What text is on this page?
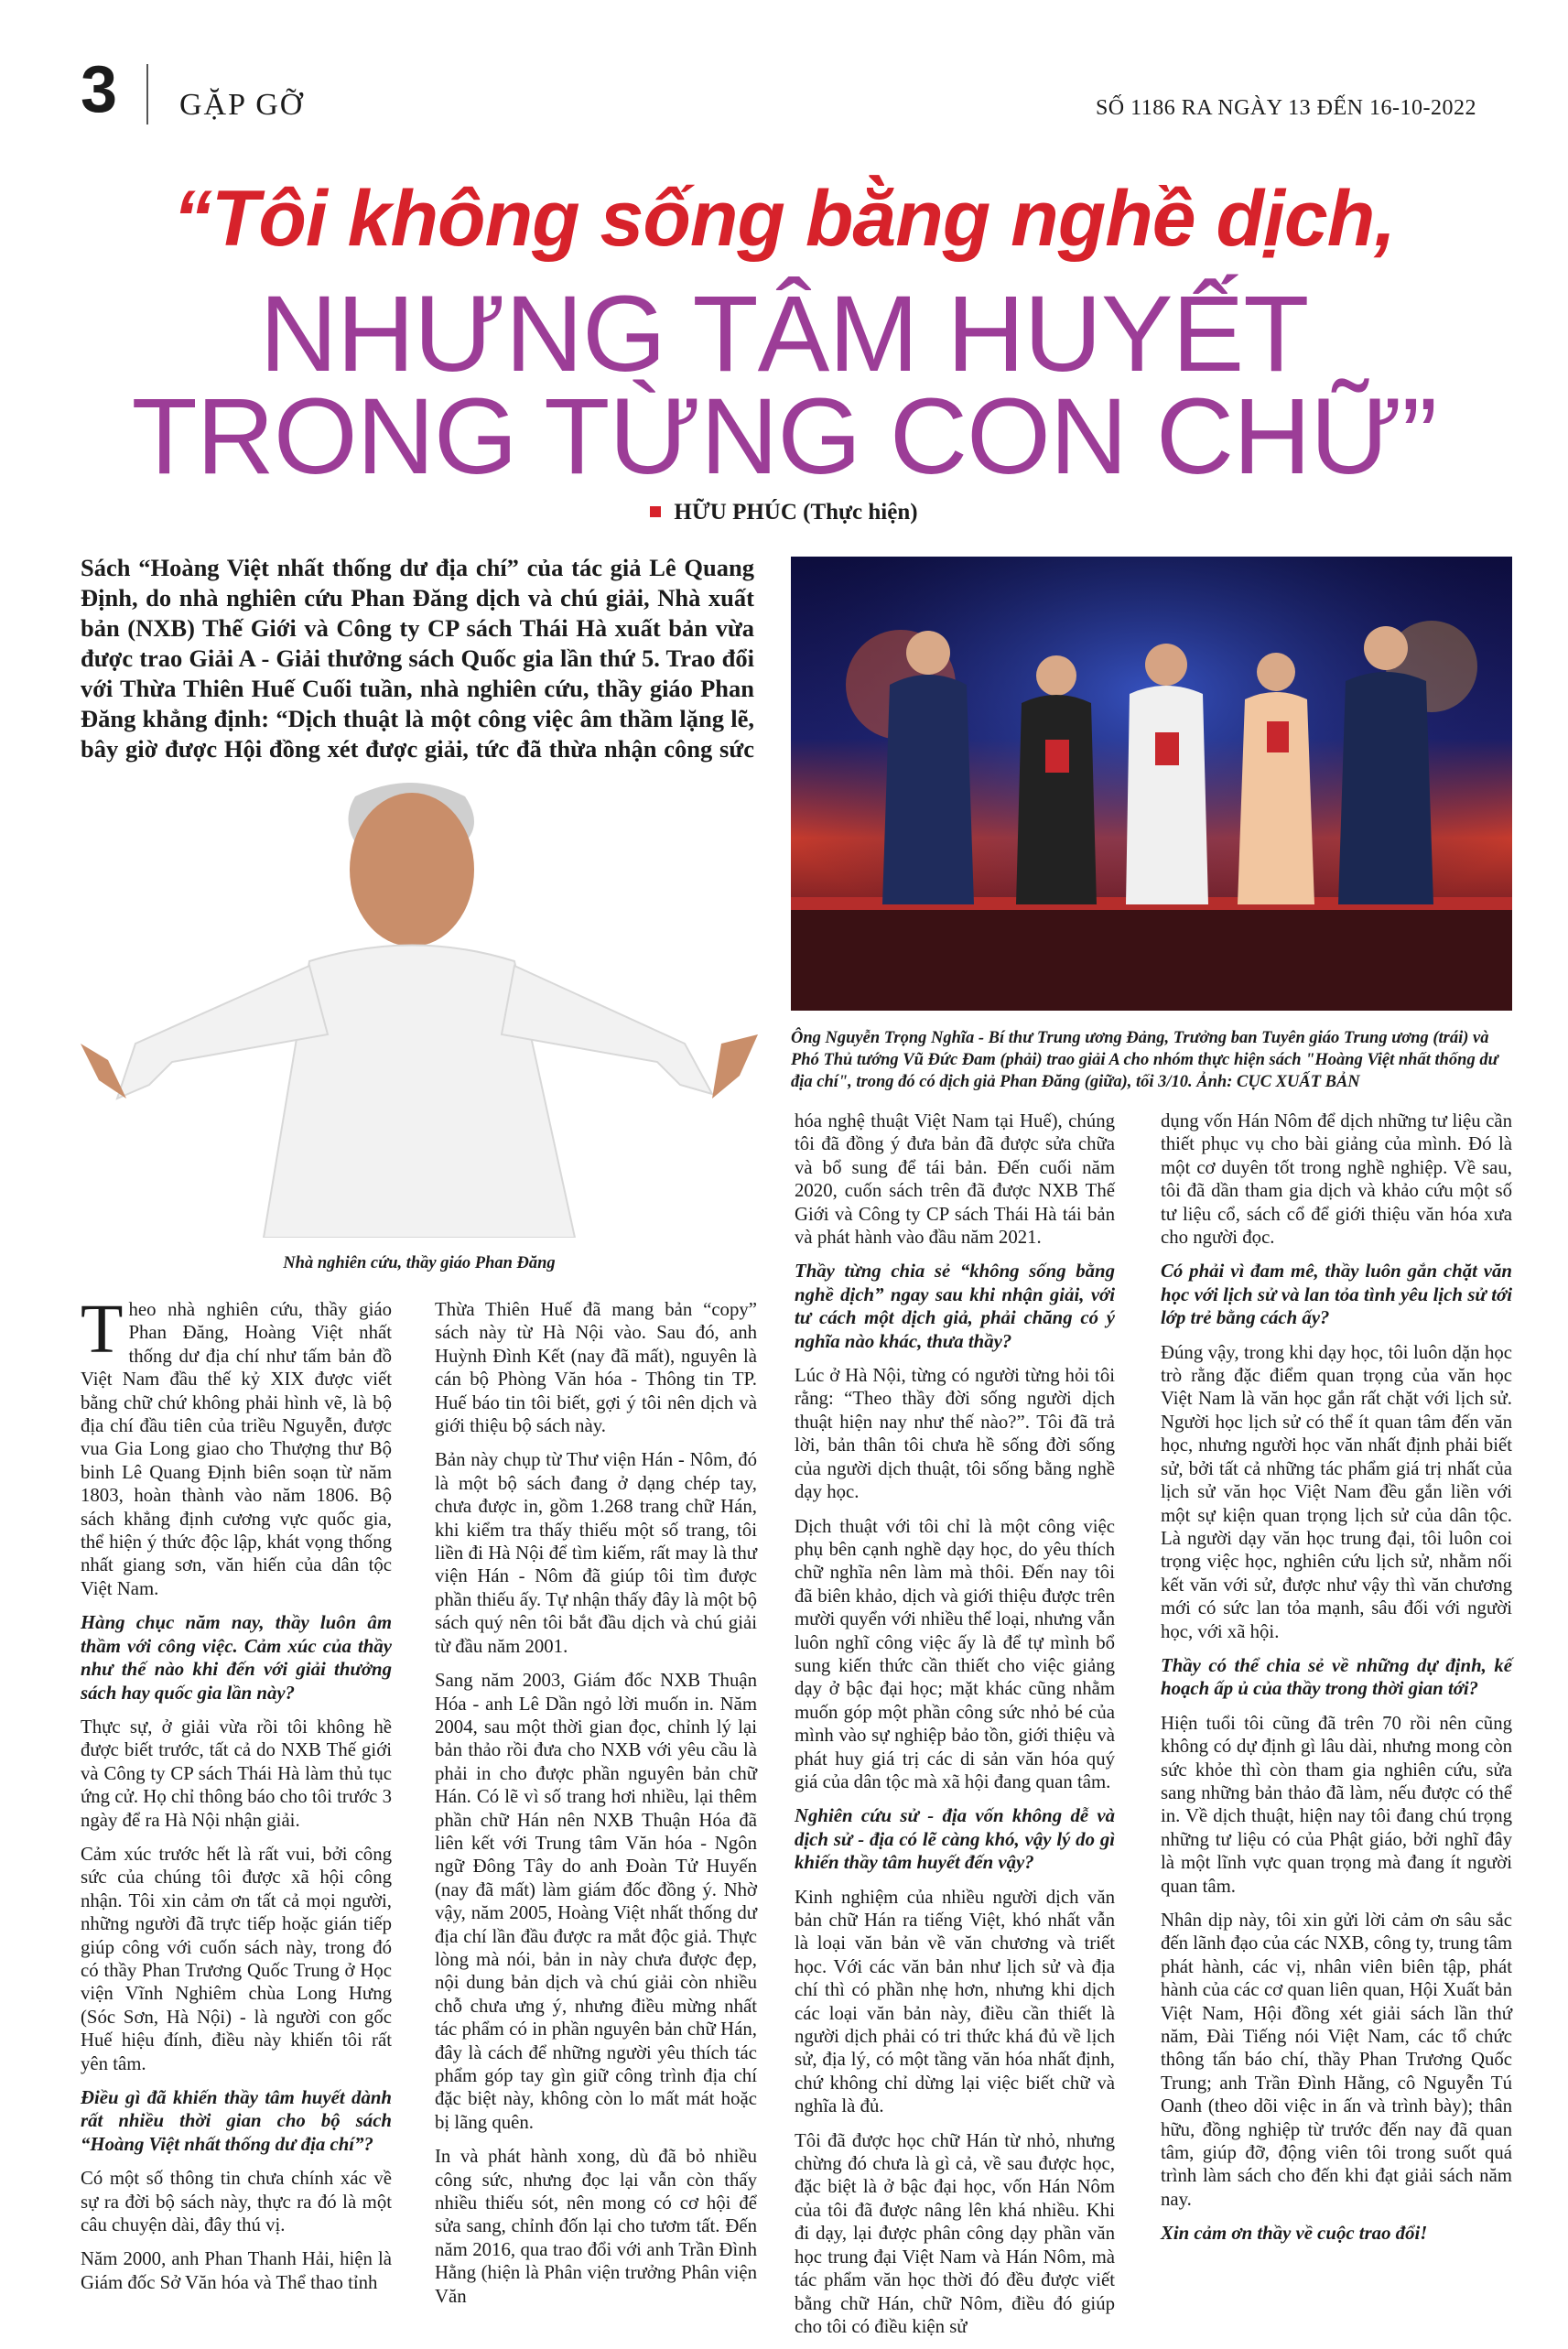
3 GẶP GỠ	SỐ 1186 RA NGÀY 13 ĐẾN 16-10-2022
“Tôi không sống bằng nghề dịch,
NHƯNG TÂM HUYẾT
TRONG TỪNG CON CHỮ”
HỮU PHÚC (Thực hiện)
Sách “Hoàng Việt nhất thống dư địa chí” của tác giả Lê Quang Định, do nhà nghiên cứu Phan Đăng dịch và chú giải, Nhà xuất bản (NXB) Thế Giới và Công ty CP sách Thái Hà xuất bản vừa được trao Giải A - Giải thưởng sách Quốc gia lần thứ 5. Trao đổi với Thừa Thiên Huế Cuối tuần, nhà nghiên cứu, thầy giáo Phan Đăng khẳng định: “Dịch thuật là một công việc âm thầm lặng lẽ, bây giờ được Hội đồng xét được giải, tức đã thừa nhận công sức
Ông Nguyễn Trọng Nghĩa - Bí thư Trung ương Đảng, Trưởng ban Tuyên giáo Trung ương (trái) và Phó Thủ tướng Vũ Đức Đam (phải) trao giải A cho nhóm thực hiện sách "Hoàng Việt nhất thống dư địa chí", trong đó có dịch giả Phan Đăng (giữa), tối 3/10. Ảnh: CỤC XUẤT BẢN
Nhà nghiên cứu, thầy giáo Phan Đăng

Theo nhà nghiên cứu, thầy giáo Phan Đăng, Hoàng Việt nhất thống dư địa chí như tấm bản đồ Việt Nam đầu thế kỷ XIX được viết bằng chữ chứ không phải hình vẽ, là bộ địa chí đầu tiên của triều Nguyễn, được vua Gia Long giao cho Thượng thư Bộ binh Lê Quang Định biên soạn từ năm 1803, hoàn thành vào năm 1806. Bộ sách khẳng định cương vực quốc gia, thể hiện ý thức độc lập, khát vọng thống nhất giang sơn, văn hiến của dân tộc Việt Nam.

Hàng chục năm nay, thầy luôn âm thầm với công việc. Cảm xúc của thầy như thế nào khi đến với giải thưởng sách hay quốc gia lần này?

Thực sự, ở giải vừa rồi tôi không hề được biết trước, tất cả do NXB Thế giới và Công ty CP sách Thái Hà làm thủ tục ứng cử. Họ chỉ thông báo cho tôi trước 3 ngày để ra Hà Nội nhận giải.

Cảm xúc trước hết là rất vui, bởi công sức của chúng tôi được xã hội công nhận. Tôi xin cảm ơn tất cả mọi người, những người đã trực tiếp hoặc gián tiếp giúp công với cuốn sách này, trong đó có thầy Phan Trương Quốc Trung ở Học viện Vĩnh Nghiêm chùa Long Hưng (Sóc Sơn, Hà Nội) - là người con gốc Huế hiệu đính, điều này khiến tôi rất yên tâm.

Điều gì đã khiến thầy tâm huyết dành rất nhiều thời gian cho bộ sách “Hoàng Việt nhất thống dư địa chí”?

Có một số thông tin chưa chính xác về sự ra đời bộ sách này, thực ra đó là một câu chuyện dài, đây thú vị.

Năm 2000, anh Phan Thanh Hải, hiện là Giám đốc Sở Văn hóa và Thể thao tỉnh

Thừa Thiên Huế đã mang bản “copy” sách này từ Hà Nội vào. Sau đó, anh Huỳnh Đình Kết (nay đã mất), nguyên là cán bộ Phòng Văn hóa - Thông tin TP. Huế báo tin tôi biết, gợi ý tôi nên dịch và giới thiệu bộ sách này.

Bản này chụp từ Thư viện Hán - Nôm, đó là một bộ sách đang ở dạng chép tay, chưa được in, gồm 1.268 trang chữ Hán, khi kiểm tra thấy thiếu một số trang, tôi liền đi Hà Nội để tìm kiếm, rất may là thư viện Hán - Nôm đã giúp tôi tìm được phần thiếu ấy. Tự nhận thấy đây là một bộ sách quý nên tôi bắt đầu dịch và chú giải từ đầu năm 2001.

Sang năm 2003, Giám đốc NXB Thuận Hóa - anh Lê Dần ngỏ lời muốn in. Năm 2004, sau một thời gian đọc, chỉnh lý lại bản thảo rồi đưa cho NXB với yêu cầu là phải in cho được phần nguyên bản chữ Hán. Có lẽ vì số trang hơi nhiều, lại thêm phần chữ Hán nên NXB Thuận Hóa đã liên kết với Trung tâm Văn hóa - Ngôn ngữ Đông Tây do anh Đoàn Tử Huyến (nay đã mất) làm giám đốc đồng ý. Nhờ vậy, năm 2005, Hoàng Việt nhất thống dư địa chí lần đầu được ra mắt độc giả. Thực lòng mà nói, bản in này chưa được đẹp, nội dung bản dịch và chú giải còn nhiều chỗ chưa ưng ý, nhưng điều mừng nhất tác phẩm có in phần nguyên bản chữ Hán, đây là cách để những người yêu thích tác phẩm góp tay gìn giữ công trình địa chí đặc biệt này, không còn lo mất mát hoặc bị lãng quên.

In và phát hành xong, dù đã bỏ nhiều công sức, nhưng đọc lại vẫn còn thấy nhiều thiếu sót, nên mong có cơ hội để sửa sang, chỉnh đốn lại cho tươm tất. Đến năm 2016, qua trao đổi với anh Trần Đình Hằng (hiện là Phân viện trưởng Phân viện Văn

hóa nghệ thuật Việt Nam tại Huế), chúng tôi đã đồng ý đưa bản đã được sửa chữa và bổ sung để tái bản. Đến cuối năm 2020, cuốn sách trên đã được NXB Thế Giới và Công ty CP sách Thái Hà tái bản và phát hành vào đầu năm 2021.

Thầy từng chia sẻ “không sống bằng nghề dịch” ngay sau khi nhận giải, với tư cách một dịch giả, phải chăng có ý nghĩa nào khác, thưa thầy?

Lúc ở Hà Nội, từng có người từng hỏi tôi rằng: “Theo thầy đời sống người dịch thuật hiện nay như thế nào?”. Tôi đã trả lời, bản thân tôi chưa hề sống đời sống của người dịch thuật, tôi sống bằng nghề dạy học.

Dịch thuật với tôi chỉ là một công việc phụ bên cạnh nghề dạy học, do yêu thích chữ nghĩa nên làm mà thôi. Đến nay tôi đã biên khảo, dịch và giới thiệu được trên mười quyển với nhiều thể loại, nhưng vẫn luôn nghĩ công việc ấy là để tự mình bổ sung kiến thức cần thiết cho việc giảng dạy ở bậc đại học; mặt khác cũng nhằm muốn góp một phần công sức nhỏ bé của mình vào sự nghiệp bảo tồn, giới thiệu và phát huy giá trị các di sản văn hóa quý giá của dân tộc mà xã hội đang quan tâm.

Nghiên cứu sử - địa vốn không dễ và dịch sử - địa có lẽ càng khó, vậy lý do gì khiến thầy tâm huyết đến vậy?

Kinh nghiệm của nhiều người dịch văn bản chữ Hán ra tiếng Việt, khó nhất vẫn là loại văn bản về văn chương và triết học. Với các văn bản như lịch sử và địa chí thì có phần nhẹ hơn, nhưng khi dịch các loại văn bản này, điều cần thiết là người dịch phải có tri thức khá đủ về lịch sử, địa lý, có một tầng văn hóa nhất định, chứ không chỉ dừng lại việc biết chữ và nghĩa là đủ.

Tôi đã được học chữ Hán từ nhỏ, nhưng chừng đó chưa là gì cả, về sau được học, đặc biệt là ở bậc đại học, vốn Hán Nôm của tôi đã được nâng lên khá nhiều. Khi đi dạy, lại được phân công dạy phần văn học trung đại Việt Nam và Hán Nôm, mà tác phẩm văn học thời đó đều được viết bằng chữ Hán, chữ Nôm, điều đó giúp cho tôi có điều kiện sử

dụng vốn Hán Nôm để dịch những tư liệu cần thiết phục vụ cho bài giảng của mình. Đó là một cơ duyên tốt trong nghề nghiệp. Về sau, tôi đã dần tham gia dịch và khảo cứu một số tư liệu cổ, sách cổ để giới thiệu văn hóa xưa cho người đọc.

Có phải vì đam mê, thầy luôn gắn chặt văn học với lịch sử và lan tỏa tình yêu lịch sử tới lớp trẻ bằng cách ấy?

Đúng vậy, trong khi dạy học, tôi luôn dặn học trò rằng đặc điểm quan trọng của văn học Việt Nam là văn học gắn rất chặt với lịch sử. Người học lịch sử có thể ít quan tâm đến văn học, nhưng người học văn nhất định phải biết sử, bởi tất cả những tác phẩm giá trị nhất của lịch sử văn học Việt Nam đều gắn liền với một sự kiện quan trọng lịch sử của dân tộc. Là người dạy văn học trung đại, tôi luôn coi trọng việc học, nghiên cứu lịch sử, nhằm nối kết văn với sử, được như vậy thì văn chương mới có sức lan tỏa mạnh, sâu đối với người học, với xã hội.

Thầy có thể chia sẻ về những dự định, kế hoạch ấp ủ của thầy trong thời gian tới?

Hiện tuổi tôi cũng đã trên 70 rồi nên cũng không có dự định gì lâu dài, nhưng mong còn sức khỏe thì còn tham gia nghiên cứu, sửa sang những bản thảo đã làm, nếu được có thể in. Về dịch thuật, hiện nay tôi đang chú trọng những tư liệu có của Phật giáo, bởi nghĩ đây là một lĩnh vực quan trọng mà đang ít người quan tâm.

Nhân dịp này, tôi xin gửi lời cảm ơn sâu sắc đến lãnh đạo của các NXB, công ty, trung tâm phát hành, các vị, nhân viên biên tập, phát hành của các cơ quan liên quan, Hội Xuất bản Việt Nam, Hội đồng xét giải sách lần thứ năm, Đài Tiếng nói Việt Nam, các tổ chức thông tấn báo chí, thầy Phan Trương Quốc Trung; anh Trần Đình Hằng, cô Nguyễn Tú Oanh (theo dõi việc in ấn và trình bày); thân hữu, đồng nghiệp từ trước đến nay đã quan tâm, giúp đỡ, động viên tôi trong suốt quá trình làm sách cho đến khi đạt giải sách năm nay.

Xin cảm ơn thầy về cuộc trao đổi!
